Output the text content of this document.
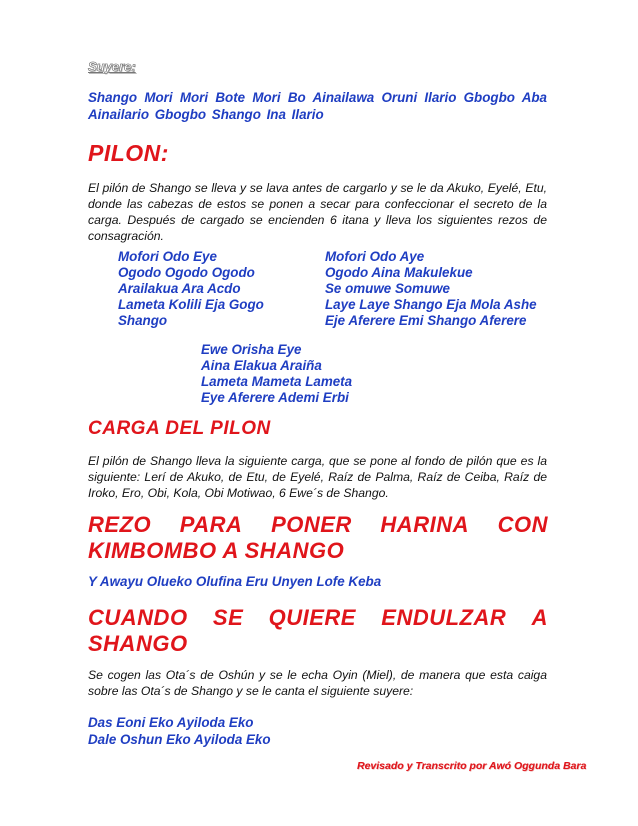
Suyere:
Shango Mori Mori Bote Mori Bo Ainailawa Oruni Ilario Gbogbo Aba Ainailario Gbogbo Shango Ina Ilario
PILON:
El pilón de Shango se lleva y se lava antes de cargarlo y se le da Akuko, Eyelé, Etu, donde las cabezas de estos se ponen a secar para confeccionar el secreto de la carga. Después de cargado se encienden 6 itana y lleva los siguientes rezos de consagración.
Mofori Odo Eye
Ogodo Ogodo Ogodo
Arailakua Ara Acdo
Lameta Kolili Eja Gogo
Shango
Mofori Odo Aye
Ogodo Aina Makulekue
Se omuwe Somuwe
Laye Laye Shango Eja Mola Ashe
Eje Aferere Emi Shango Aferere
Ewe Orisha Eye
Aina Elakua Araiña
Lameta Mameta Lameta
Eye Aferere Ademi Erbi
CARGA DEL PILON
El pilón de Shango lleva la siguiente carga, que se pone al fondo de pilón que es la siguiente: Lerí de Akuko, de Etu, de Eyelé, Raíz de Palma, Raíz de Ceiba, Raíz de Iroko, Ero, Obi, Kola, Obi Motiwao, 6 Ewe´s de Shango.
REZO PARA PONER HARINA CON
KIMBOMBO A SHANGO
Y Awayu Olueko Olufina Eru Unyen Lofe Keba
CUANDO SE QUIERE ENDULZAR A
SHANGO
Se cogen las Ota´s de Oshún y se le echa Oyin (Miel), de manera que esta caiga sobre las Ota´s de Shango y se le canta el siguiente suyere:
Das Eoni Eko Ayiloda Eko
Dale Oshun Eko Ayiloda Eko
Revisado y Transcrito por Awó Oggunda Bara
